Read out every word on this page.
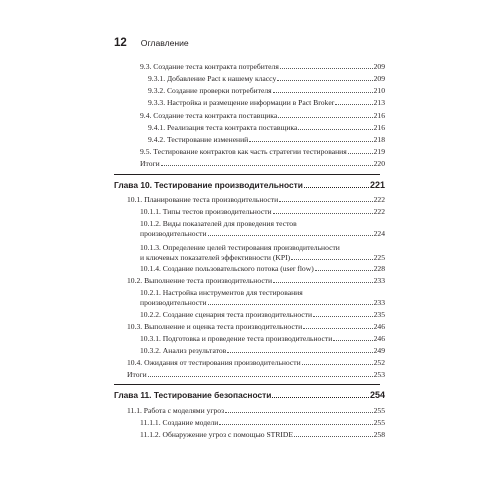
12 Оглавление
9.3. Создание теста контракта потребителя	209
9.3.1. Добавление Pact к нашему классу	209
9.3.2. Создание проверки потребителя	210
9.3.3. Настройка и размещение информации в Pact Broker	213
9.4. Создание теста контракта поставщика	216
9.4.1. Реализация теста контракта поставщика	216
9.4.2. Тестирование изменений	218
9.5. Тестирование контрактов как часть стратегии тестирования	219
Итоги	220
Глава 10. Тестирование производительности	221
10.1. Планирование теста производительности	222
10.1.1. Типы тестов производительности	222
10.1.2. Виды показателей для проведения тестов
производительности	224
10.1.3. Определение целей тестирования производительности
и ключевых показателей эффективности (KPI)	225
10.1.4. Создание пользовательского потока (user flow)	228
10.2. Выполнение теста производительности	233
10.2.1. Настройка инструментов для тестирования
производительности	233
10.2.2. Создание сценария теста производительности	235
10.3. Выполнение и оценка теста производительности	246
10.3.1. Подготовка и проведение теста производительности	246
10.3.2. Анализ результатов	249
10.4. Ожидания от тестирования производительности	252
Итоги	253
Глава 11. Тестирование безопасности	254
11.1. Работа с моделями угроз	255
11.1.1. Создание модели	255
11.1.2. Обнаружение угроз с помощью STRIDE	258
